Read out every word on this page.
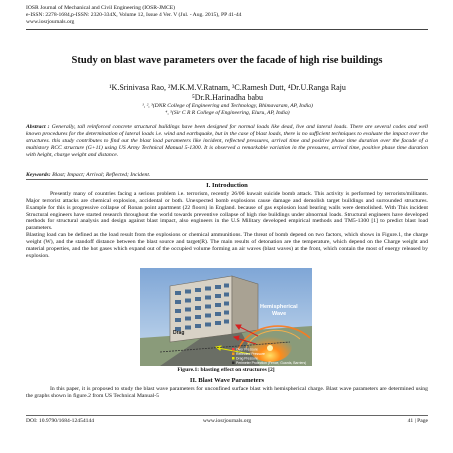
IOSR Journal of Mechanical and Civil Engineering (IOSR-JMCE)
e-ISSN: 2278-1684,p-ISSN: 2320-334X, Volume 12, Issue 4 Ver. V (Jul. - Aug. 2015), PP 41-44
www.iosrjournals.org
Study on blast wave parameters over the facade of high rise buildings
¹K.Srinivasa Rao, ²M.K.M.V.Ratnam, ³C.Ramesh Dutt, ⁴Dr.U.Ranga Raju
⁵Dr.R.Harinadha babu
¹, ², ³(DNR College of Engineering and Technology, Bhimavaram, AP, India)
⁴, ⁵(Sir C R R College of Engineering, Eluru, AP, India)
Abstract : Generally, tall reinforced concrete structural buildings have been designed for normal loads like dead, live and lateral loads. There are several codes and well known procedures for the determination of lateral loads i.e. wind and earthquake, but in the case of blast loads, there is no sufficient techniques to evaluate the impact over the structures. this study contributes to find out the blast load parameters like incident, reflected pressures, arrival time and positive phase time duration over the facade of a multistory RCC structure (G+11) using US Army Technical Manual 5-1300. It is observed a remarkable variation in the pressures, arrival time, positive phase time duration with height, charge weight and distance.
Keywords: Blast; Impact; Arrival; Reflected; Incident.
I. Introduction
Presently many of countries facing a serious problem i.e. terrorism, recently 26/06 kuwait suicide bomb attack. This activity is performed by terrorists/militants. Major terrorist attacks are chemical explosion, accidental or both. Unexpected bomb explosions cause damage and demolish target buildings and surrounded structures. Example for this is progressive collapse of Ronan point apartment (22 floors) in England. because of gas explosion load bearing walls were demolished. With This incident Structural engineers have started research throughout the world towards preventive collapse of high rise buildings under abnormal loads. Structural engineers have developed methods for structural analysis and design against blast impact, also engineers in the U.S Military developed empirical methods and TM5-1300 [1] to predict blast load parameters.
Blasting load can be defined as the load result from the explosions or chemical ammunitions. The threat of bomb depend on two factors, which shows in Figure.1, the charge weight (W), and the standoff distance between the blast source and target(R). The main results of detonation are the temperature, which depend on the Charge weight and material properties, and the hot gases which expand out of the occupied volume forming an air waves (blast waves) at the front, which contain the most of energy released by explosion.
Hemispherical
Wave
Drag
Over Pressure
Reflected Pressure
Drag Pressure
Perimeter Protection (Fence, Guards, Barriers)
Figure.1: blasting effect on structures [2]
II. Blast Wave Parameters
In this paper, it is proposed to study the blast wave parameters for unconfined surface blast with hemispherical charge. Blast wave parameters are determined using the graphs shown in figure.2 from US Technical Manual-5
DOI: 10.9790/1684-12454144	www.iosrjournals.org	41 | Page
